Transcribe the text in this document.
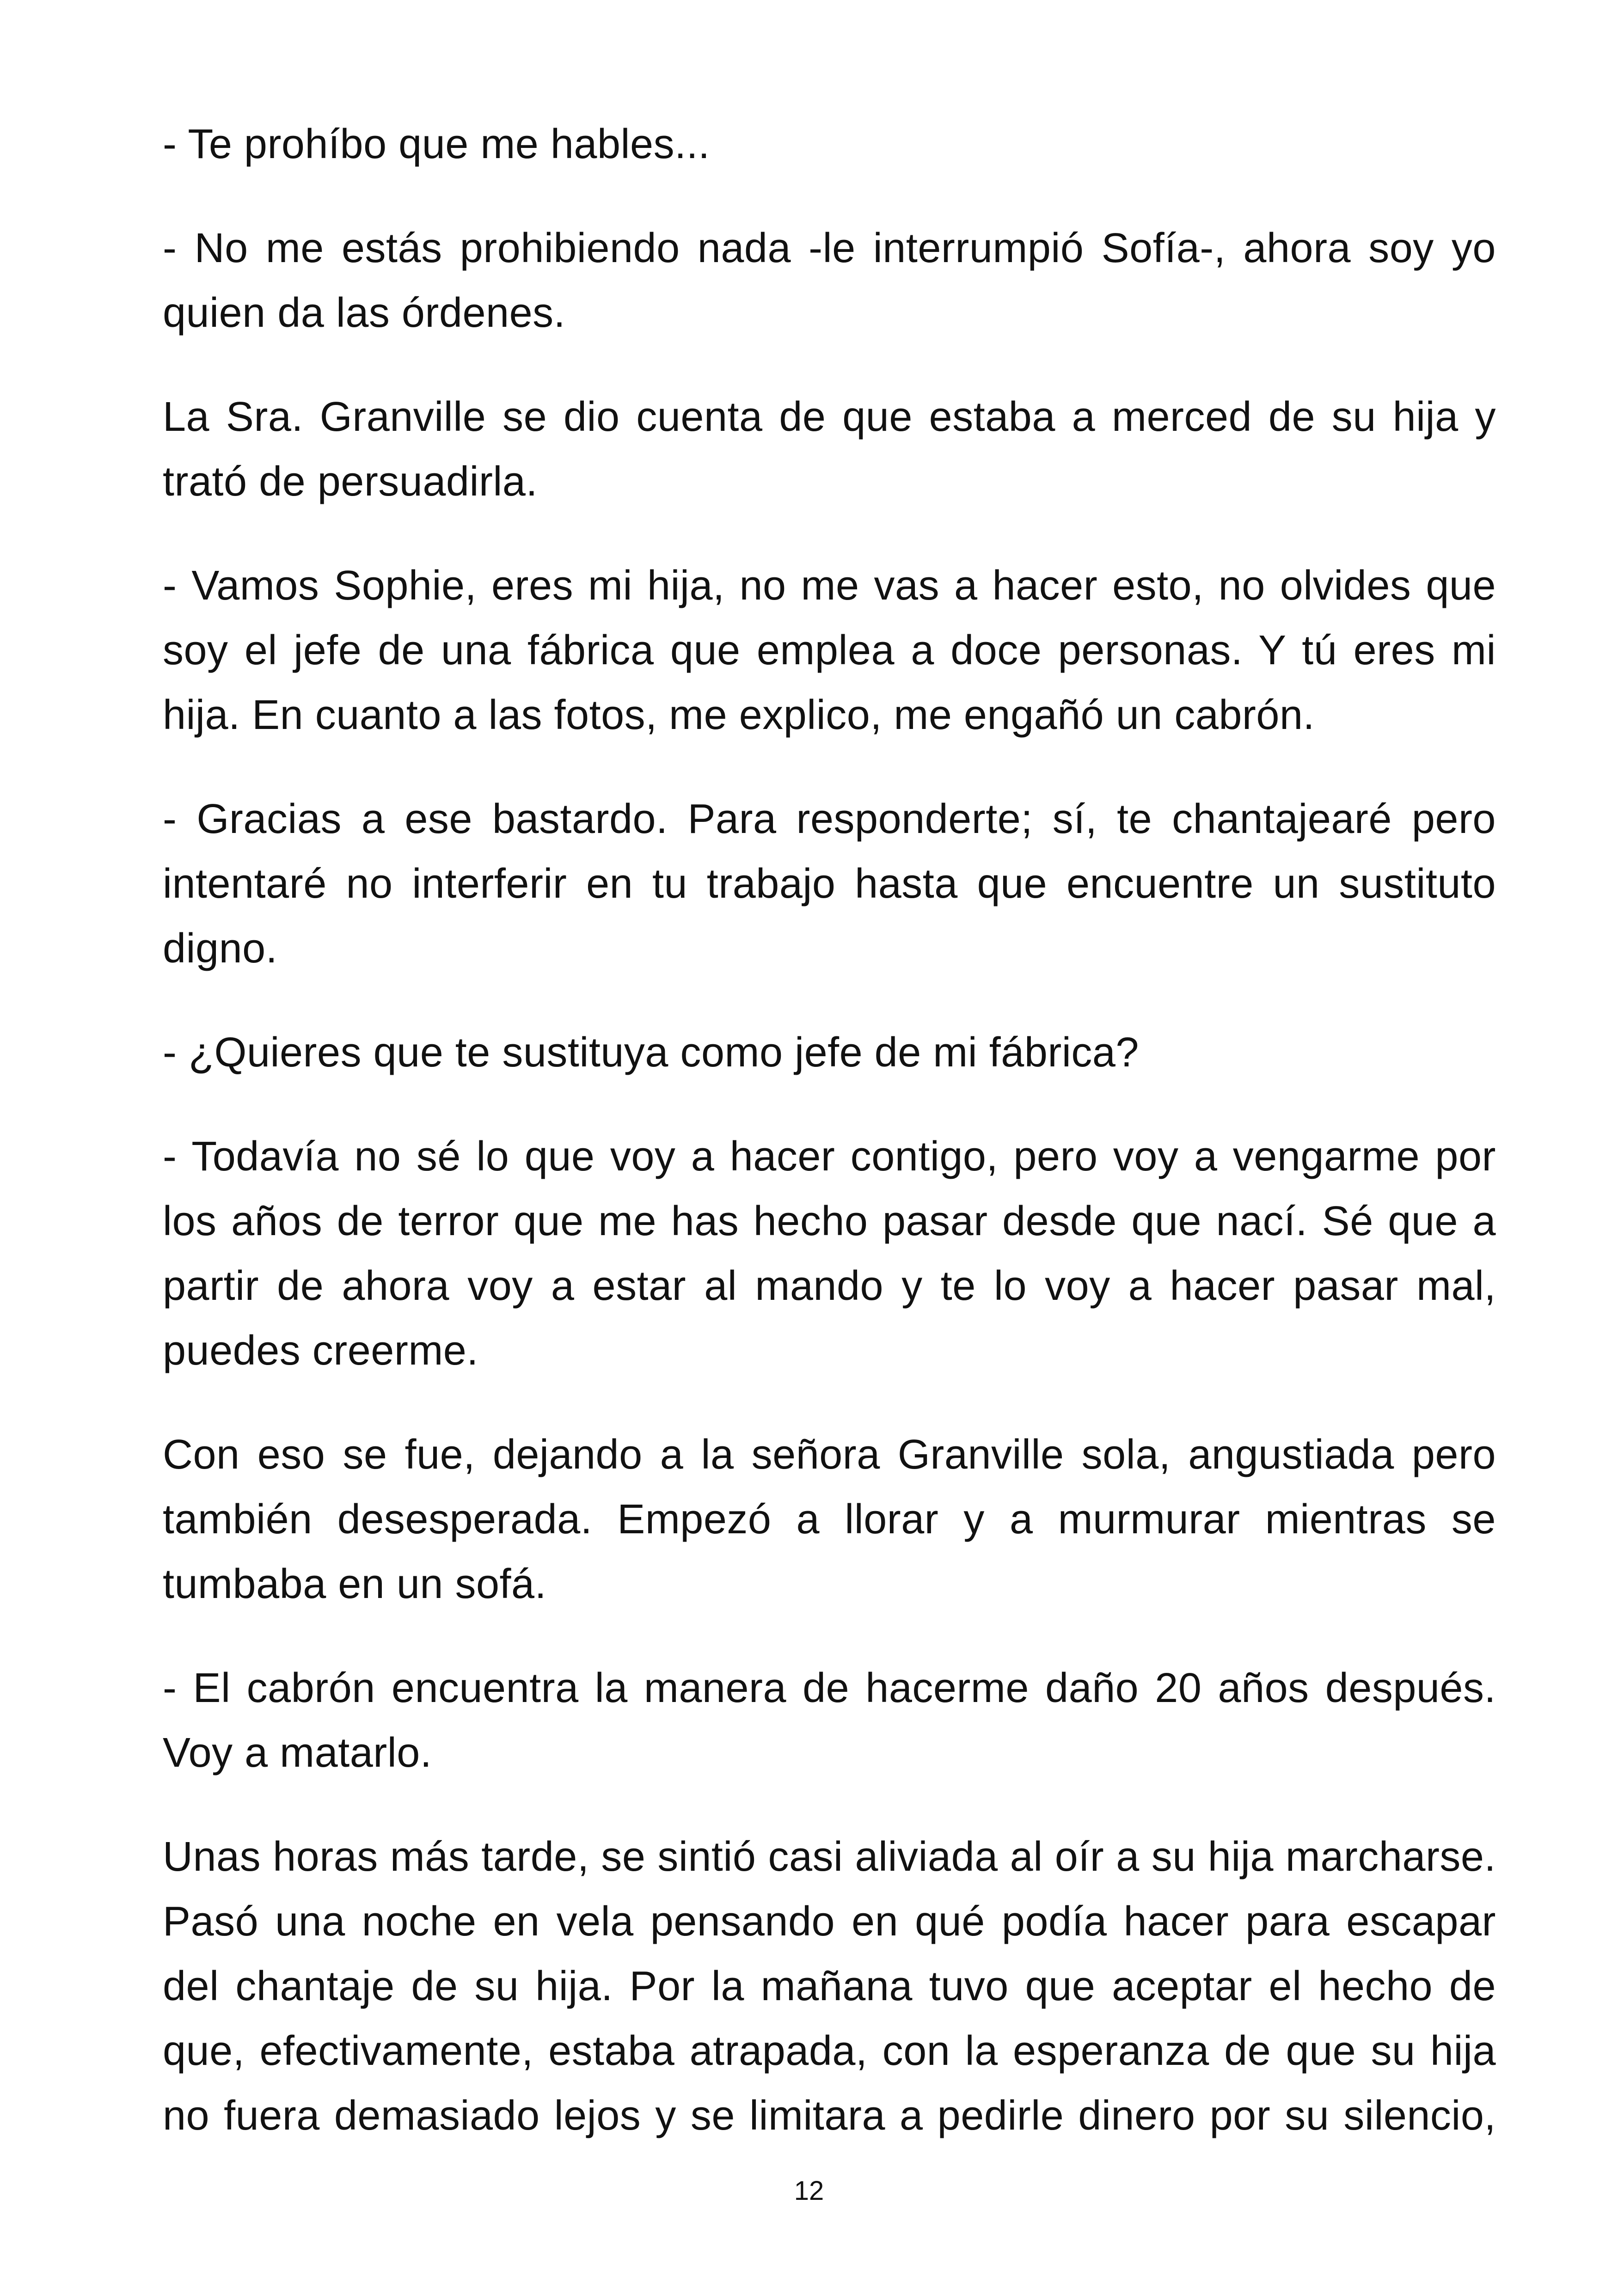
- Te prohíbo que me hables...

- No me estás prohibiendo nada -le interrumpió Sofía-, ahora soy yo quien da las órdenes.

La Sra. Granville se dio cuenta de que estaba a merced de su hija y trató de persuadirla.

- Vamos Sophie, eres mi hija, no me vas a hacer esto, no olvides que soy el jefe de una fábrica que emplea a doce personas. Y tú eres mi hija. En cuanto a las fotos, me explico, me engañó un cabrón.

- Gracias a ese bastardo. Para responderte; sí, te chantajearé pero intentaré no interferir en tu trabajo hasta que encuentre un sustituto digno.

- ¿Quieres que te sustituya como jefe de mi fábrica?

- Todavía no sé lo que voy a hacer contigo, pero voy a vengarme por los años de terror que me has hecho pasar desde que nací. Sé que a partir de ahora voy a estar al mando y te lo voy a hacer pasar mal, puedes creerme.

Con eso se fue, dejando a la señora Granville sola, angustiada pero también desesperada. Empezó a llorar y a murmurar mientras se tumbaba en un sofá.

- El cabrón encuentra la manera de hacerme daño 20 años después. Voy a matarlo.

Unas horas más tarde, se sintió casi aliviada al oír a su hija marcharse. Pasó una noche en vela pensando en qué podía hacer para escapar del chantaje de su hija. Por la mañana tuvo que aceptar el hecho de que, efectivamente, estaba atrapada, con la esperanza de que su hija no fuera demasiado lejos y se limitara a pedirle dinero por su silencio,

12
